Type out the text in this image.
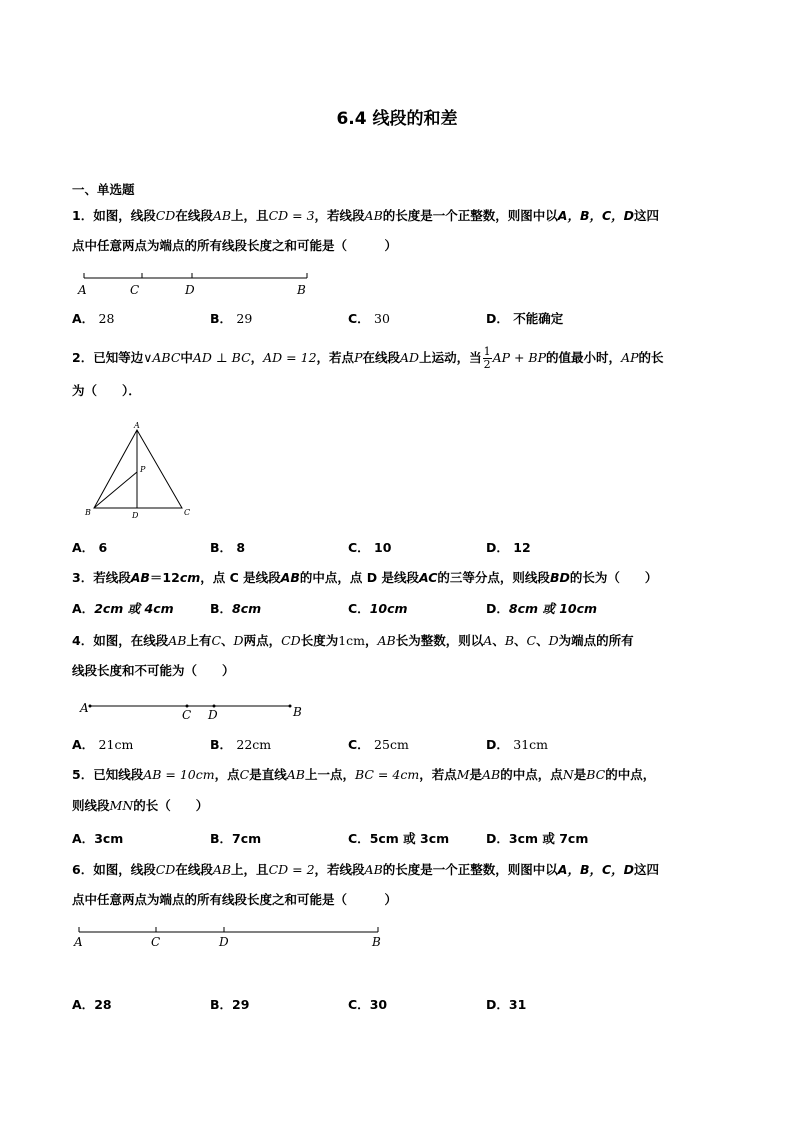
6.4 线段的和差
一、单选题
1．如图，线段CD在线段AB上，且CD = 3，若线段AB的长度是一个正整数，则图中以A，B，C，D这四
点中任意两点为端点的所有线段长度之和可能是（　　　）
A	C	D	B
A． 28	B． 29	C． 30	D． 不能确定
2．已知等边∨ABC中AD ⊥ BC，AD = 12，若点P在线段AD上运动，当 $\frac{1}{2}$ AP + BP的值最小时，AP的长
为（　　）．
A
P
B	D	C
A． 6	B． 8	C． 10	D． 12
3．若线段AB＝12cm，点 C 是线段AB的中点，点 D 是线段AC的三等分点，则线段BD的长为（　　）
A．2cm 或 4cm	B．8cm	C．10cm	D．8cm 或 10cm
4．如图，在线段AB上有C、D两点，CD长度为1cm，AB长为整数，则以A、B、C、D为端点的所有
线段长度和不可能为（　　）
A	C D	B
A． 21cm	B． 22cm	C． 25cm	D． 31cm
5．已知线段AB = 10cm，点C是直线AB上一点，BC = 4cm，若点M是AB的中点，点N是BC的中点，
则线段MN的长（　　）
A．3cm	B．7cm	C．5cm 或 3cm	D．3cm 或 7cm
6．如图，线段CD在线段AB上，且CD = 2，若线段AB的长度是一个正整数，则图中以A，B，C，D这四
点中任意两点为端点的所有线段长度之和可能是（　　　）
A	C	D	B
A．28	B．29	C．30	D．31
